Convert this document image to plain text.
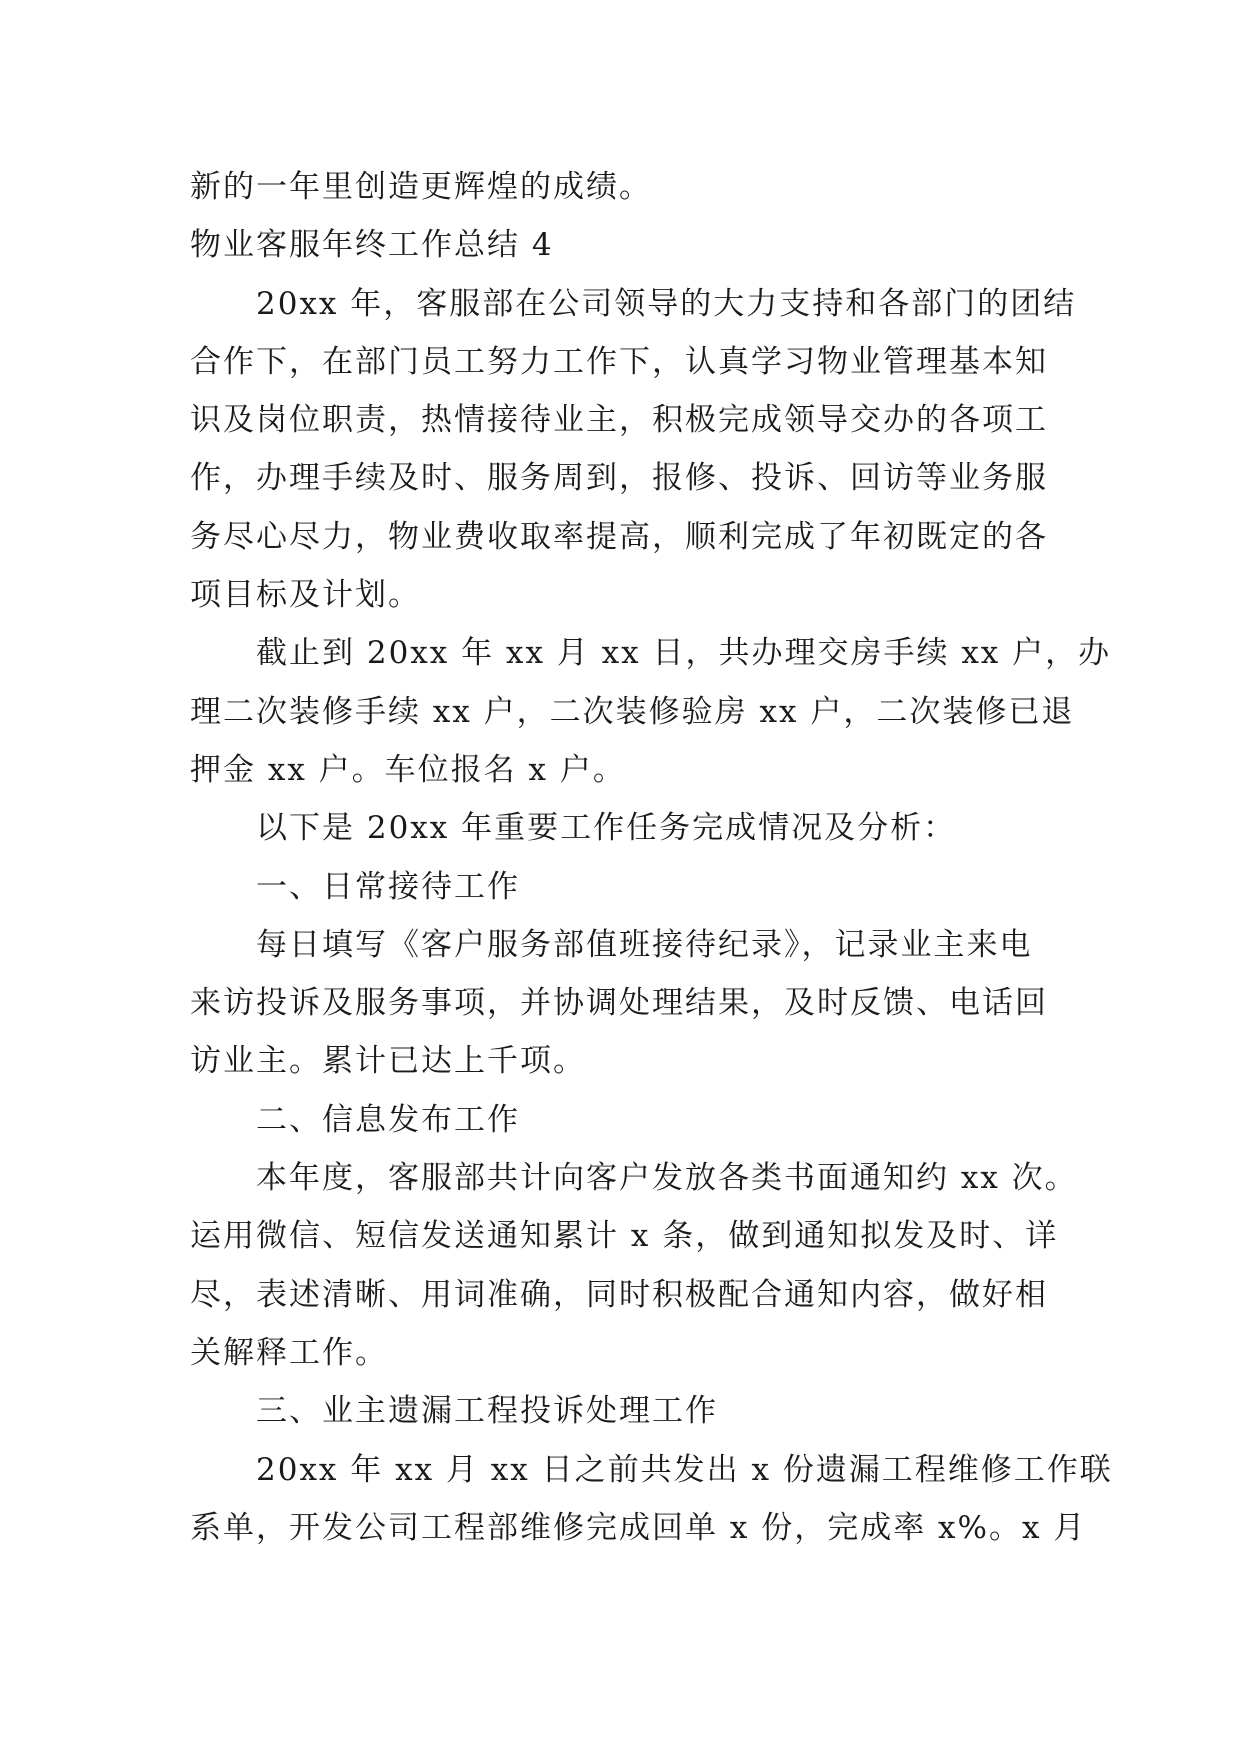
新的一年里创造更辉煌的成绩。
物业客服年终工作总结 4
20xx 年，客服部在公司领导的大力支持和各部门的团结
合作下，在部门员工努力工作下，认真学习物业管理基本知
识及岗位职责，热情接待业主，积极完成领导交办的各项工
作，办理手续及时、服务周到，报修、投诉、回访等业务服
务尽心尽力，物业费收取率提高，顺利完成了年初既定的各
项目标及计划。
截止到 20xx 年 xx 月 xx 日，共办理交房手续 xx 户，办
理二次装修手续 xx 户，二次装修验房 xx 户，二次装修已退
押金 xx 户。车位报名 x 户。
以下是 20xx 年重要工作任务完成情况及分析：
一、日常接待工作
每日填写《客户服务部值班接待纪录》，记录业主来电
来访投诉及服务事项，并协调处理结果，及时反馈、电话回
访业主。累计已达上千项。
二、信息发布工作
本年度，客服部共计向客户发放各类书面通知约 xx 次。
运用微信、短信发送通知累计 x 条，做到通知拟发及时、详
尽，表述清晰、用词准确，同时积极配合通知内容，做好相
关解释工作。
三、业主遗漏工程投诉处理工作
20xx 年 xx 月 xx 日之前共发出 x 份遗漏工程维修工作联
系单，开发公司工程部维修完成回单 x 份，完成率 x%。x 月
